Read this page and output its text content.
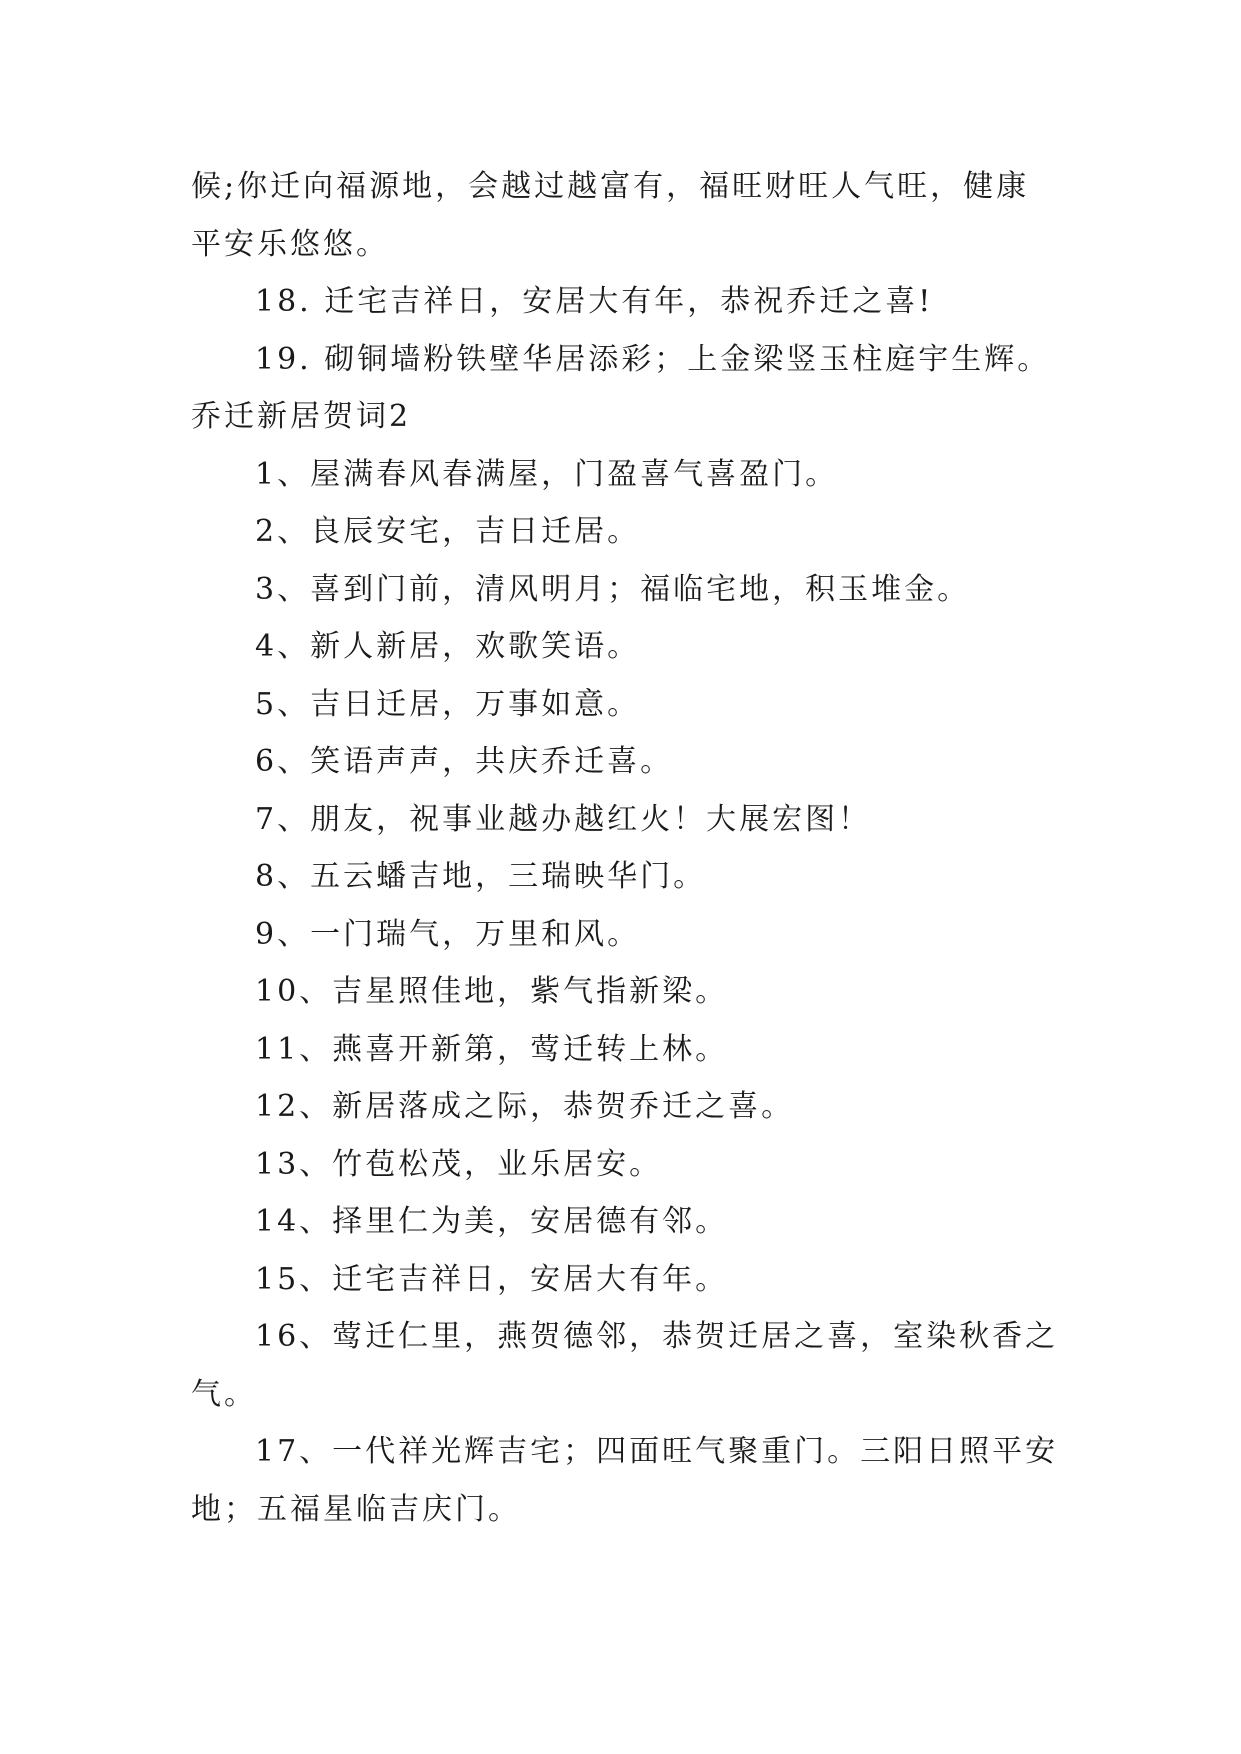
候;你迁向福源地，会越过越富有，福旺财旺人气旺，健康
平安乐悠悠。
18. 迁宅吉祥日，安居大有年，恭祝乔迁之喜!
19. 砌铜墙粉铁壁华居添彩；上金梁竖玉柱庭宇生辉。
乔迁新居贺词2
1、屋满春风春满屋，门盈喜气喜盈门。
2、良辰安宅，吉日迁居。
3、喜到门前，清风明月；福临宅地，积玉堆金。
4、新人新居，欢歌笑语。
5、吉日迁居，万事如意。
6、笑语声声，共庆乔迁喜。
7、朋友，祝事业越办越红火！大展宏图！
8、五云蟠吉地，三瑞映华门。
9、一门瑞气，万里和风。
10、吉星照佳地，紫气指新梁。
11、燕喜开新第，莺迁转上林。
12、新居落成之际，恭贺乔迁之喜。
13、竹苞松茂，业乐居安。
14、择里仁为美，安居德有邻。
15、迁宅吉祥日，安居大有年。
16、莺迁仁里，燕贺德邻，恭贺迁居之喜，室染秋香之
气。
17、一代祥光辉吉宅；四面旺气聚重门。三阳日照平安
地；五福星临吉庆门。
